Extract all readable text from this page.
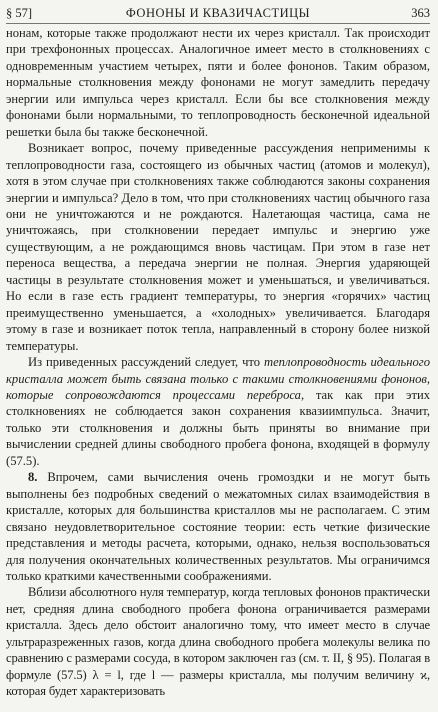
§ 57]	ФОНОНЫ И КВАЗИЧАСТИЦЫ	363

нонам, которые также продолжают нести их через кристалл. Так происходит при трехфононных процессах. Аналогичное имеет место в столкновениях с одновременным участием четырех, пяти и более фононов. Таким образом, нормальные столкновения между фононами не могут замедлить передачу энергии или импульса через кристалл. Если бы все столкновения между фононами были нормальными, то теплопроводность бесконечной идеальной решетки была бы также бесконечной.

Возникает вопрос, почему приведенные рассуждения неприменимы к теплопроводности газа, состоящего из обычных частиц (атомов и молекул), хотя в этом случае при столкновениях также соблюдаются законы сохранения энергии и импульса? Дело в том, что при столкновениях частиц обычного газа они не уничтожаются и не рождаются. Налетающая частица, сама не уничтожаясь, при столкновении передает импульс и энергию уже существующим, а не рождающимся вновь частицам. При этом в газе нет переноса вещества, а передача энергии не полная. Энергия ударяющей частицы в результате столкновения может и уменьшаться, и увеличиваться. Но если в газе есть градиент температуры, то энергия «горячих» частиц преимущественно уменьшается, а «холодных» увеличивается. Благодаря этому в газе и возникает поток тепла, направленный в сторону более низкой температуры.

Из приведенных рассуждений следует, что теплопроводность идеального кристалла может быть связана только с такими столкновениями фононов, которые сопровождаются процессами переброса, так как при этих столкновениях не соблюдается закон сохранения квазиимпульса. Значит, только эти столкновения и должны быть приняты во внимание при вычислении средней длины свободного пробега фонона, входящей в формулу (57.5).

8. Впрочем, сами вычисления очень громоздки и не могут быть выполнены без подробных сведений о межатомных силах взаимодействия в кристалле, которых для большинства кристаллов мы не располагаем. С этим связано неудовлетворительное состояние теории: есть четкие физические представления и методы расчета, которыми, однако, нельзя воспользоваться для получения окончательных количественных результатов. Мы ограничимся только краткими качественными соображениями.

Вблизи абсолютного нуля температур, когда тепловых фононов практически нет, средняя длина свободного пробега фонона ограничивается размерами кристалла. Здесь дело обстоит аналогично тому, что имеет место в случае ультраразреженных газов, когда длина свободного пробега молекулы велика по сравнению с размерами сосуда, в котором заключен газ (см. т. II, § 95). Полагая в формуле (57.5) λ = l, где l — размеры кристалла, мы получим величину ϰ, которая будет характеризовать
